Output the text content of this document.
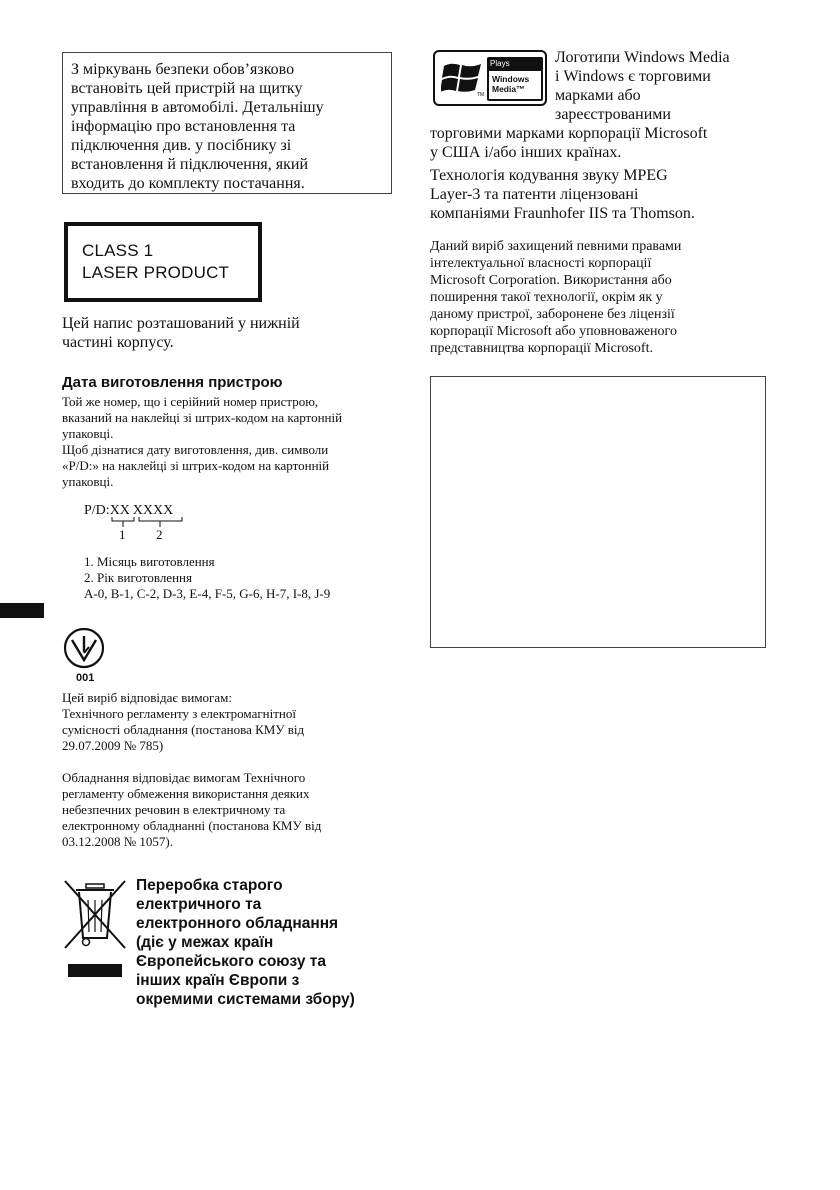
З міркувань безпеки обов’язково
встановіть цей пристрій на щитку
управління в автомобілі. Детальнішу
інформацію про встановлення та
підключення див. у посібнику зі
встановлення й підключення, який
входить до комплекту постачання.
CLASS 1
LASER PRODUCT
Цей напис розташований у нижній
частині корпусу.
Дата виготовлення пристрою
Той же номер, що і серійний номер пристрою,
вказаний на наклейці зі штрих-кодом на картонній
упаковці.
Щоб дізнатися дату виготовлення, див. символи
«P/D:» на наклейці зі штрих-кодом на картонній
упаковці.
P/D:XX  XXXX
1 2
1. Місяць виготовлення
2. Рік виготовлення
A-0, B-1, C-2, D-3, E-4, F-5, G-6, H-7, I-8, J-9
001
Цей виріб відповідає вимогам:
Технічного регламенту з електромагнітної
сумісності обладнання (постанова КМУ від
29.07.2009 № 785)
Обладнання відповідає вимогам Технічного
регламенту обмеження використання деяких
небезпечних речовин в електричному та
електронному обладнанні (постанова КМУ від
03.12.2008 № 1057).
Переробка старого
електричного та
електронного обладнання
(діє у межах країн
Європейського союзу та
інших країн Європи з
окремими системами збору)
TM
Plays
Windows
Media™
Логотипи Windows Media
і Windows є торговими
марками або
зареєстрованими
торговими марками корпорації Microsoft
у США і/або інших країнах.
Технологія кодування звуку MPEG
Layer-3 та патенти ліцензовані
компаніями Fraunhofer IIS та Thomson.
Даний виріб захищений певними правами
інтелектуальної власності корпорації
Microsoft Corporation. Використання або
поширення такої технології, окрім як у
даному пристрої, заборонене без ліцензії
корпорації Microsoft або уповноваженого
представництва корпорації Microsoft.
